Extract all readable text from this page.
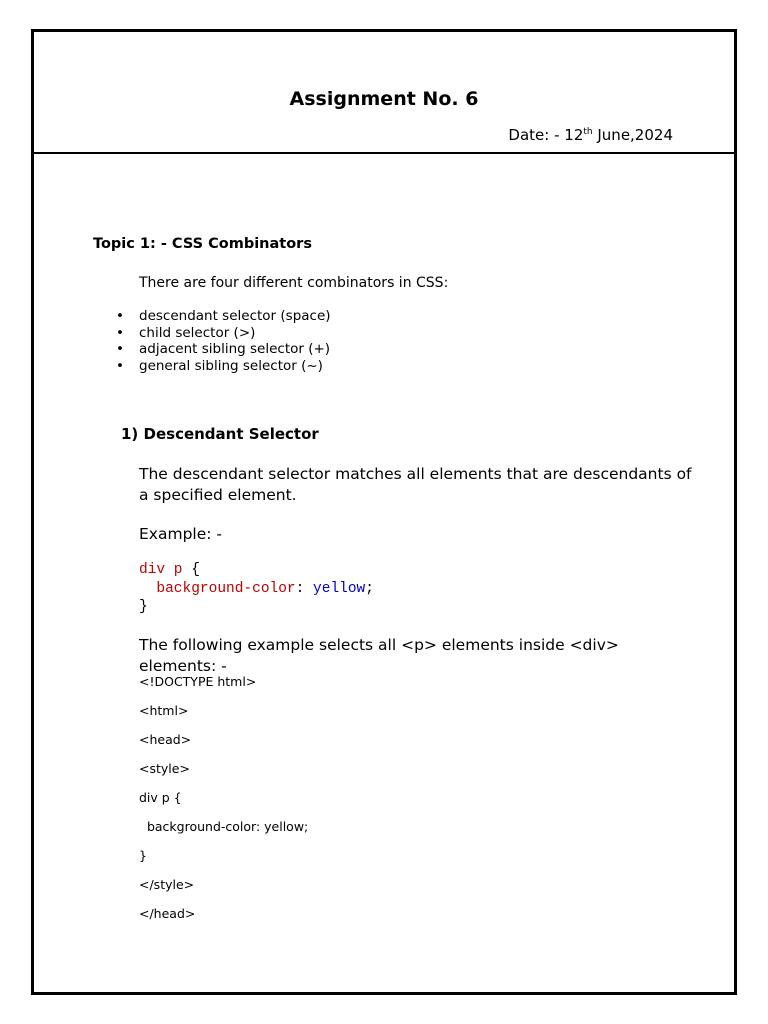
Assignment No. 6
Date: - 12th June,2024
Topic 1: - CSS Combinators
There are four different combinators in CSS:
• descendant selector (space)
• child selector (>)
• adjacent sibling selector (+)
• general sibling selector (~)
1) Descendant Selector
The descendant selector matches all elements that are descendants of a specified element.
Example: -
div p {
background-color: yellow;
}
The following example selects all <p> elements inside <div> elements: -
<!DOCTYPE html>
<html>
<head>
<style>
div p {
background-color: yellow;
}
</style>
</head>
